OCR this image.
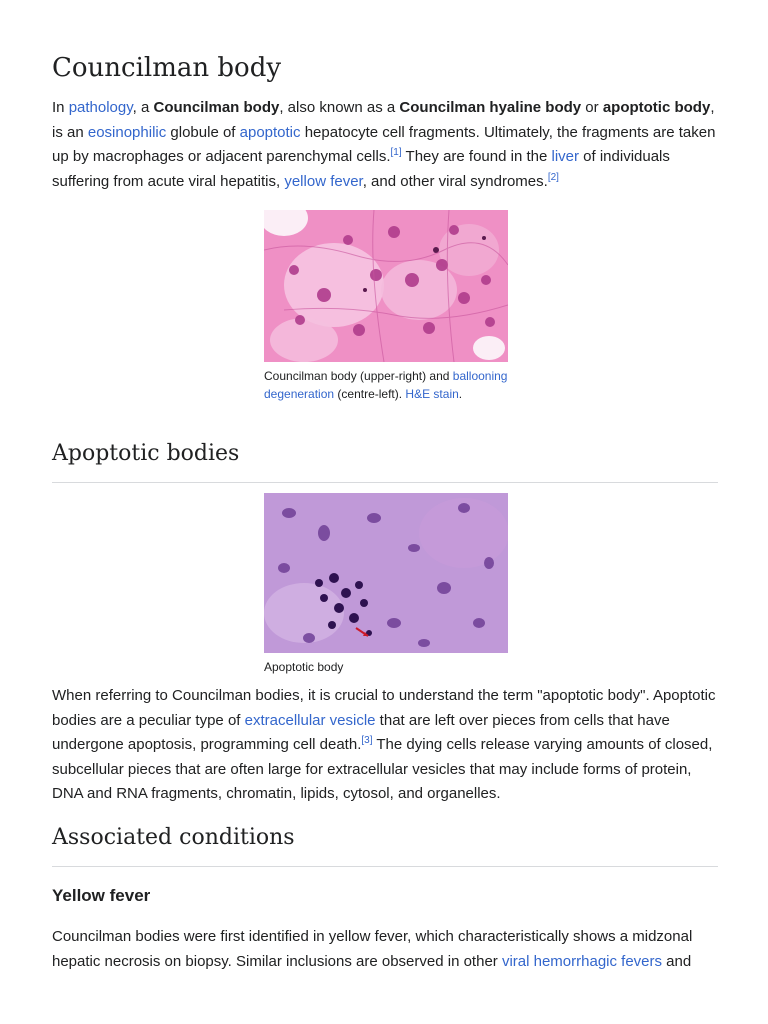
Councilman body

In pathology, a Councilman body, also known as a Councilman hyaline body or apoptotic body, is an eosinophilic globule of apoptotic hepatocyte cell fragments. Ultimately, the fragments are taken up by macrophages or adjacent parenchymal cells.[1] They are found in the liver of individuals suffering from acute viral hepatitis, yellow fever, and other viral syndromes.[2]

Councilman body (upper-right) and ballooning degeneration (centre-left). H&E stain.
Apoptotic bodies
Apoptotic body

When referring to Councilman bodies, it is crucial to understand the term "apoptotic body". Apoptotic bodies are a peculiar type of extracellular vesicle that are left over pieces from cells that have undergone apoptosis, programming cell death.[3] The dying cells release varying amounts of closed, subcellular pieces that are often large for extracellular vesicles that may include forms of protein, DNA and RNA fragments, chromatin, lipids, cytosol, and organelles.

Associated conditions
Yellow fever

Councilman bodies were first identified in yellow fever, which characteristically shows a midzonal hepatic necrosis on biopsy. Similar inclusions are observed in other viral hemorrhagic fevers and
